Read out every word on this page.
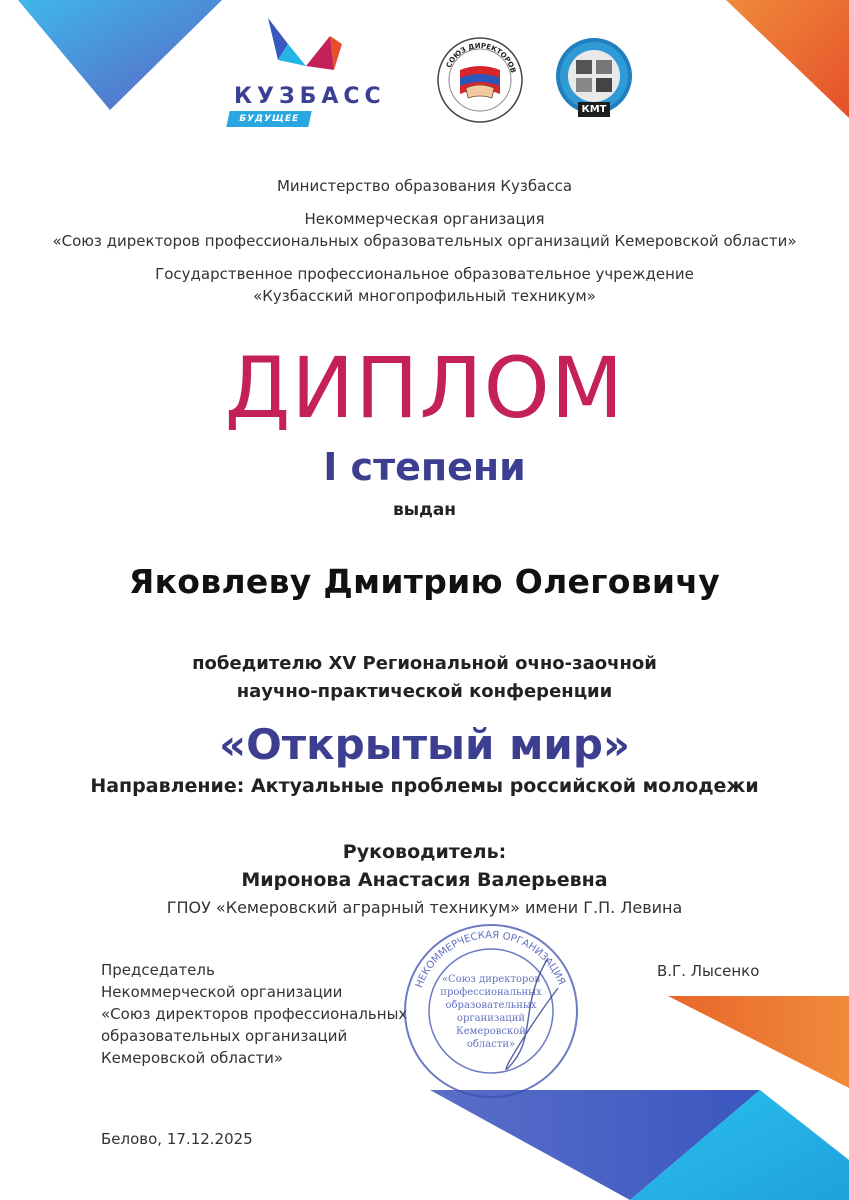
КУЗБАСС
БУДУЩЕЕ
СОЮЗ ДИРЕКТОРОВ
КМТ
Министерство образования Кузбасса
Некоммерческая организация
«Союз директоров профессиональных образовательных организаций Кемеровской области»
Государственное профессиональное образовательное учреждение
«Кузбасский многопрофильный техникум»
ДИПЛОМ
I степени
выдан
Яковлеву Дмитрию Олеговичу
победителю XV Региональной очно-заочной
научно-практической конференции
«Открытый мир»
Направление: Актуальные проблемы российской молодежи
Руководитель:
Миронова Анастасия Валерьевна
ГПОУ «Кемеровский аграрный техникум» имени Г.П. Левина
Председатель
Некоммерческой организации
«Союз директоров профессиональных
образовательных организаций
Кемеровской области»
В.Г. Лысенко
НЕКОММЕРЧЕСКАЯ ОРГАНИЗАЦИЯ
«Союз директоров
профессиональных
образовательных
организаций
Кемеровской
области»
Белово, 17.12.2025
